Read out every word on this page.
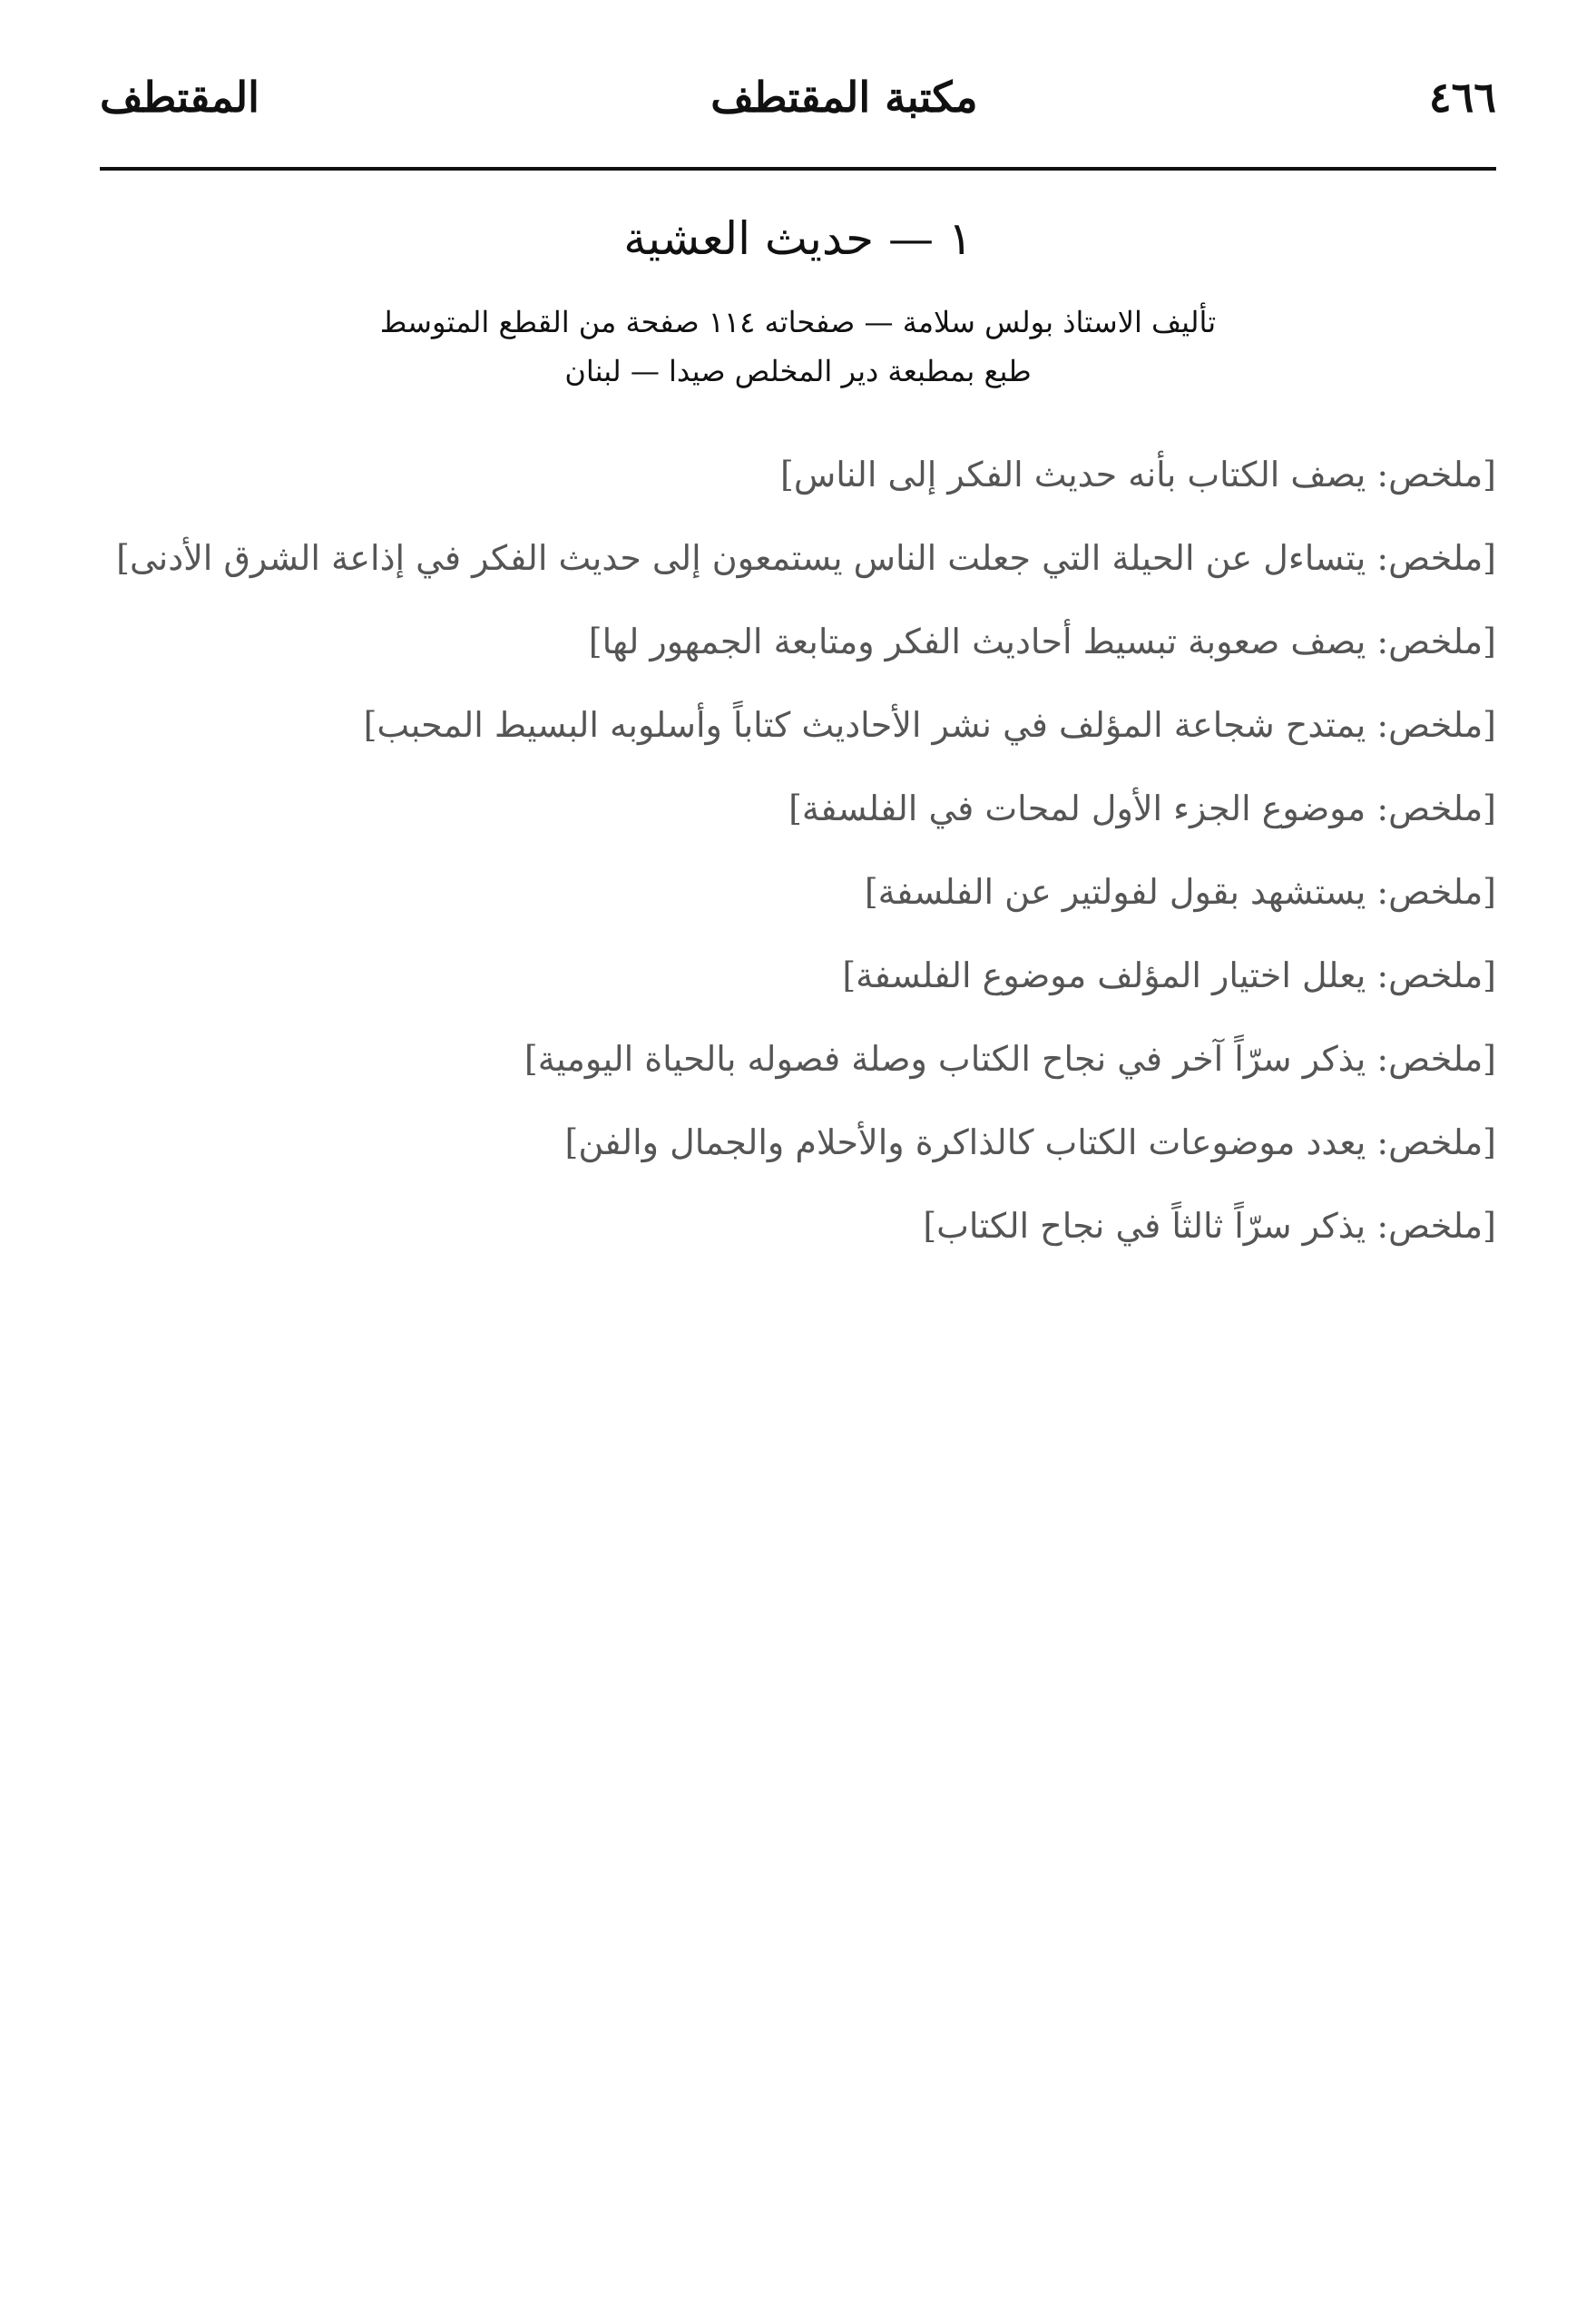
٤٦٦
مكتبة المقتطف
المقتطف
١ — حديث العشية
تأليف الاستاذ بولس سلامة — صفحاته ١١٤ صفحة من القطع المتوسط
طبع بمطبعة دير المخلص صيدا — لبنان

[ملخص: يصف الكتاب بأنه حديث الفكر إلى الناس]

[ملخص: يتساءل عن الحيلة التي جعلت الناس يستمعون إلى حديث الفكر في إذاعة الشرق الأدنى]

[ملخص: يصف صعوبة تبسيط أحاديث الفكر ومتابعة الجمهور لها]

[ملخص: يمتدح شجاعة المؤلف في نشر الأحاديث كتاباً وأسلوبه البسيط المحبب]

[ملخص: موضوع الجزء الأول لمحات في الفلسفة]

[ملخص: يستشهد بقول لفولتير عن الفلسفة]

[ملخص: يعلل اختيار المؤلف موضوع الفلسفة]

[ملخص: يذكر سرّاً آخر في نجاح الكتاب وصلة فصوله بالحياة اليومية]

[ملخص: يعدد موضوعات الكتاب كالذاكرة والأحلام والجمال والفن]

[ملخص: يذكر سرّاً ثالثاً في نجاح الكتاب]
